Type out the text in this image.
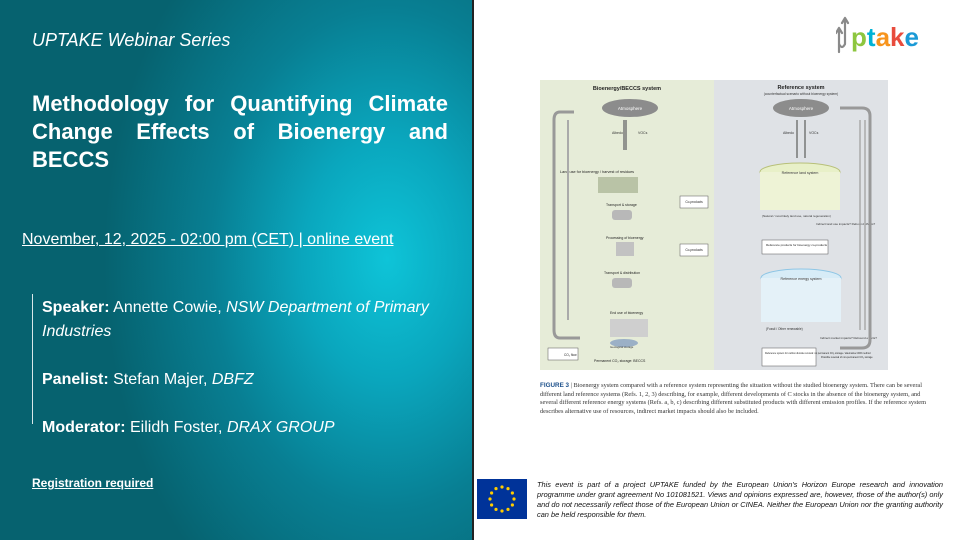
UPTAKE Webinar Series
Methodology for Quantifying Climate Change Effects of Bioenergy and BECCS
November, 12, 2025 - 02:00 pm (CET) | online event
Speaker: Annette Cowie, NSW Department of Primary Industries
Panelist: Stefan Majer, DBFZ
Moderator: Eilidh Foster, DRAX GROUP
Registration required
ptake
Bioenergy/BECCS system	Reference system
(counterfactual scenario without bioenergy system)
Atmosphere	Atmosphere
Albedo	VOCs	Albedo	VOCs
Land use for bioenergy / harvest of residues
Transport & storage
Processing of bioenergy
Transport & distribution
End use of bioenergy
Geological storage
Co-products
Co-products
Permanent CO₂ storage: BECCS
CO₂ flow
Reference land system
(Natural / most likely land use, natural regeneration)
Indirect land use impacts? Rebound effects?
Reference products for bioenergy co-products
Reference energy system
(Fossil / Other renewable)
Indirect market impacts? Rebound effects?
Reference system for carbon dioxide removal: no permanent CO₂ storage / alternative CDR method
Possible reversal of non-permanent CO₂ storage
FIGURE 3 | Bioenergy system compared with a reference system representing the situation without the studied bioenergy system. There can be several different land reference systems (Refs. 1, 2, 3) describing, for example, different developments of C stocks in the absence of the bioenergy system, and several different reference energy systems (Refs. a, b, c) describing different substituted products with different emission profiles. If the reference system describes alternative use of resources, indirect market impacts should also be included.
This event is part of a project UPTAKE funded by the European Union's Horizon Europe research and innovation programme under grant agreement No 101081521. Views and opinions expressed are, however, those of the author(s) only and do not necessarily reflect those of the European Union or CINEA. Neither the European Union nor the granting authority can be held responsible for them.
